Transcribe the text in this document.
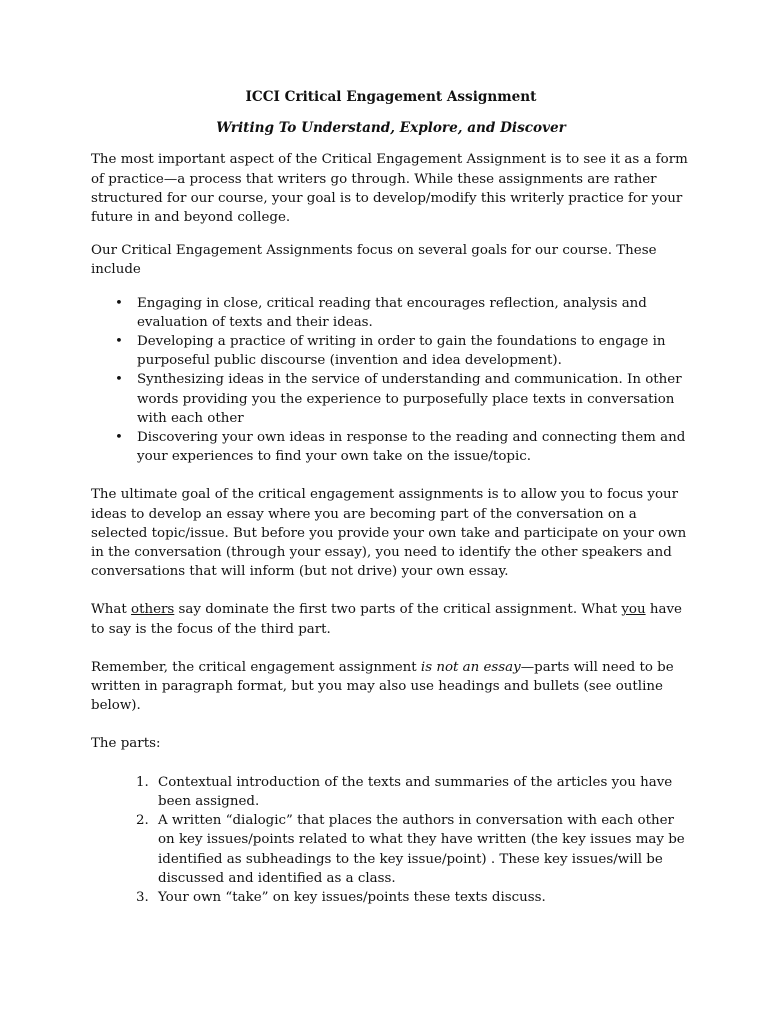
ICCI Critical Engagement Assignment
Writing To Understand, Explore, and Discover

The most important aspect of the Critical Engagement Assignment is to see it as a form of practice—a process that writers go through. While these assignments are rather structured for our course, your goal is to develop/modify this writerly practice for your future in and beyond college.

Our Critical Engagement Assignments focus on several goals for our course. These include

• Engaging in close, critical reading that encourages reflection, analysis and evaluation of texts and their ideas.
• Developing a practice of writing in order to gain the foundations to engage in purposeful public discourse (invention and idea development).
• Synthesizing ideas in the service of understanding and communication. In other words providing you the experience to purposefully place texts in conversation with each other
• Discovering your own ideas in response to the reading and connecting them and your experiences to find your own take on the issue/topic.

The ultimate goal of the critical engagement assignments is to allow you to focus your ideas to develop an essay where you are becoming part of the conversation on a selected topic/issue. But before you provide your own take and participate on your own in the conversation (through your essay), you need to identify the other speakers and conversations that will inform (but not drive) your own essay.

What others say dominate the first two parts of the critical assignment. What you have to say is the focus of the third part.

Remember, the critical engagement assignment is not an essay—parts will need to be written in paragraph format, but you may also use headings and bullets (see outline below).

The parts:

1. Contextual introduction of the texts and summaries of the articles you have been assigned.
2. A written “dialogic” that places the authors in conversation with each other on key issues/points related to what they have written (the key issues may be identified as subheadings to the key issue/point) . These key issues/will be discussed and identified as a class.
3. Your own “take” on key issues/points these texts discuss.
